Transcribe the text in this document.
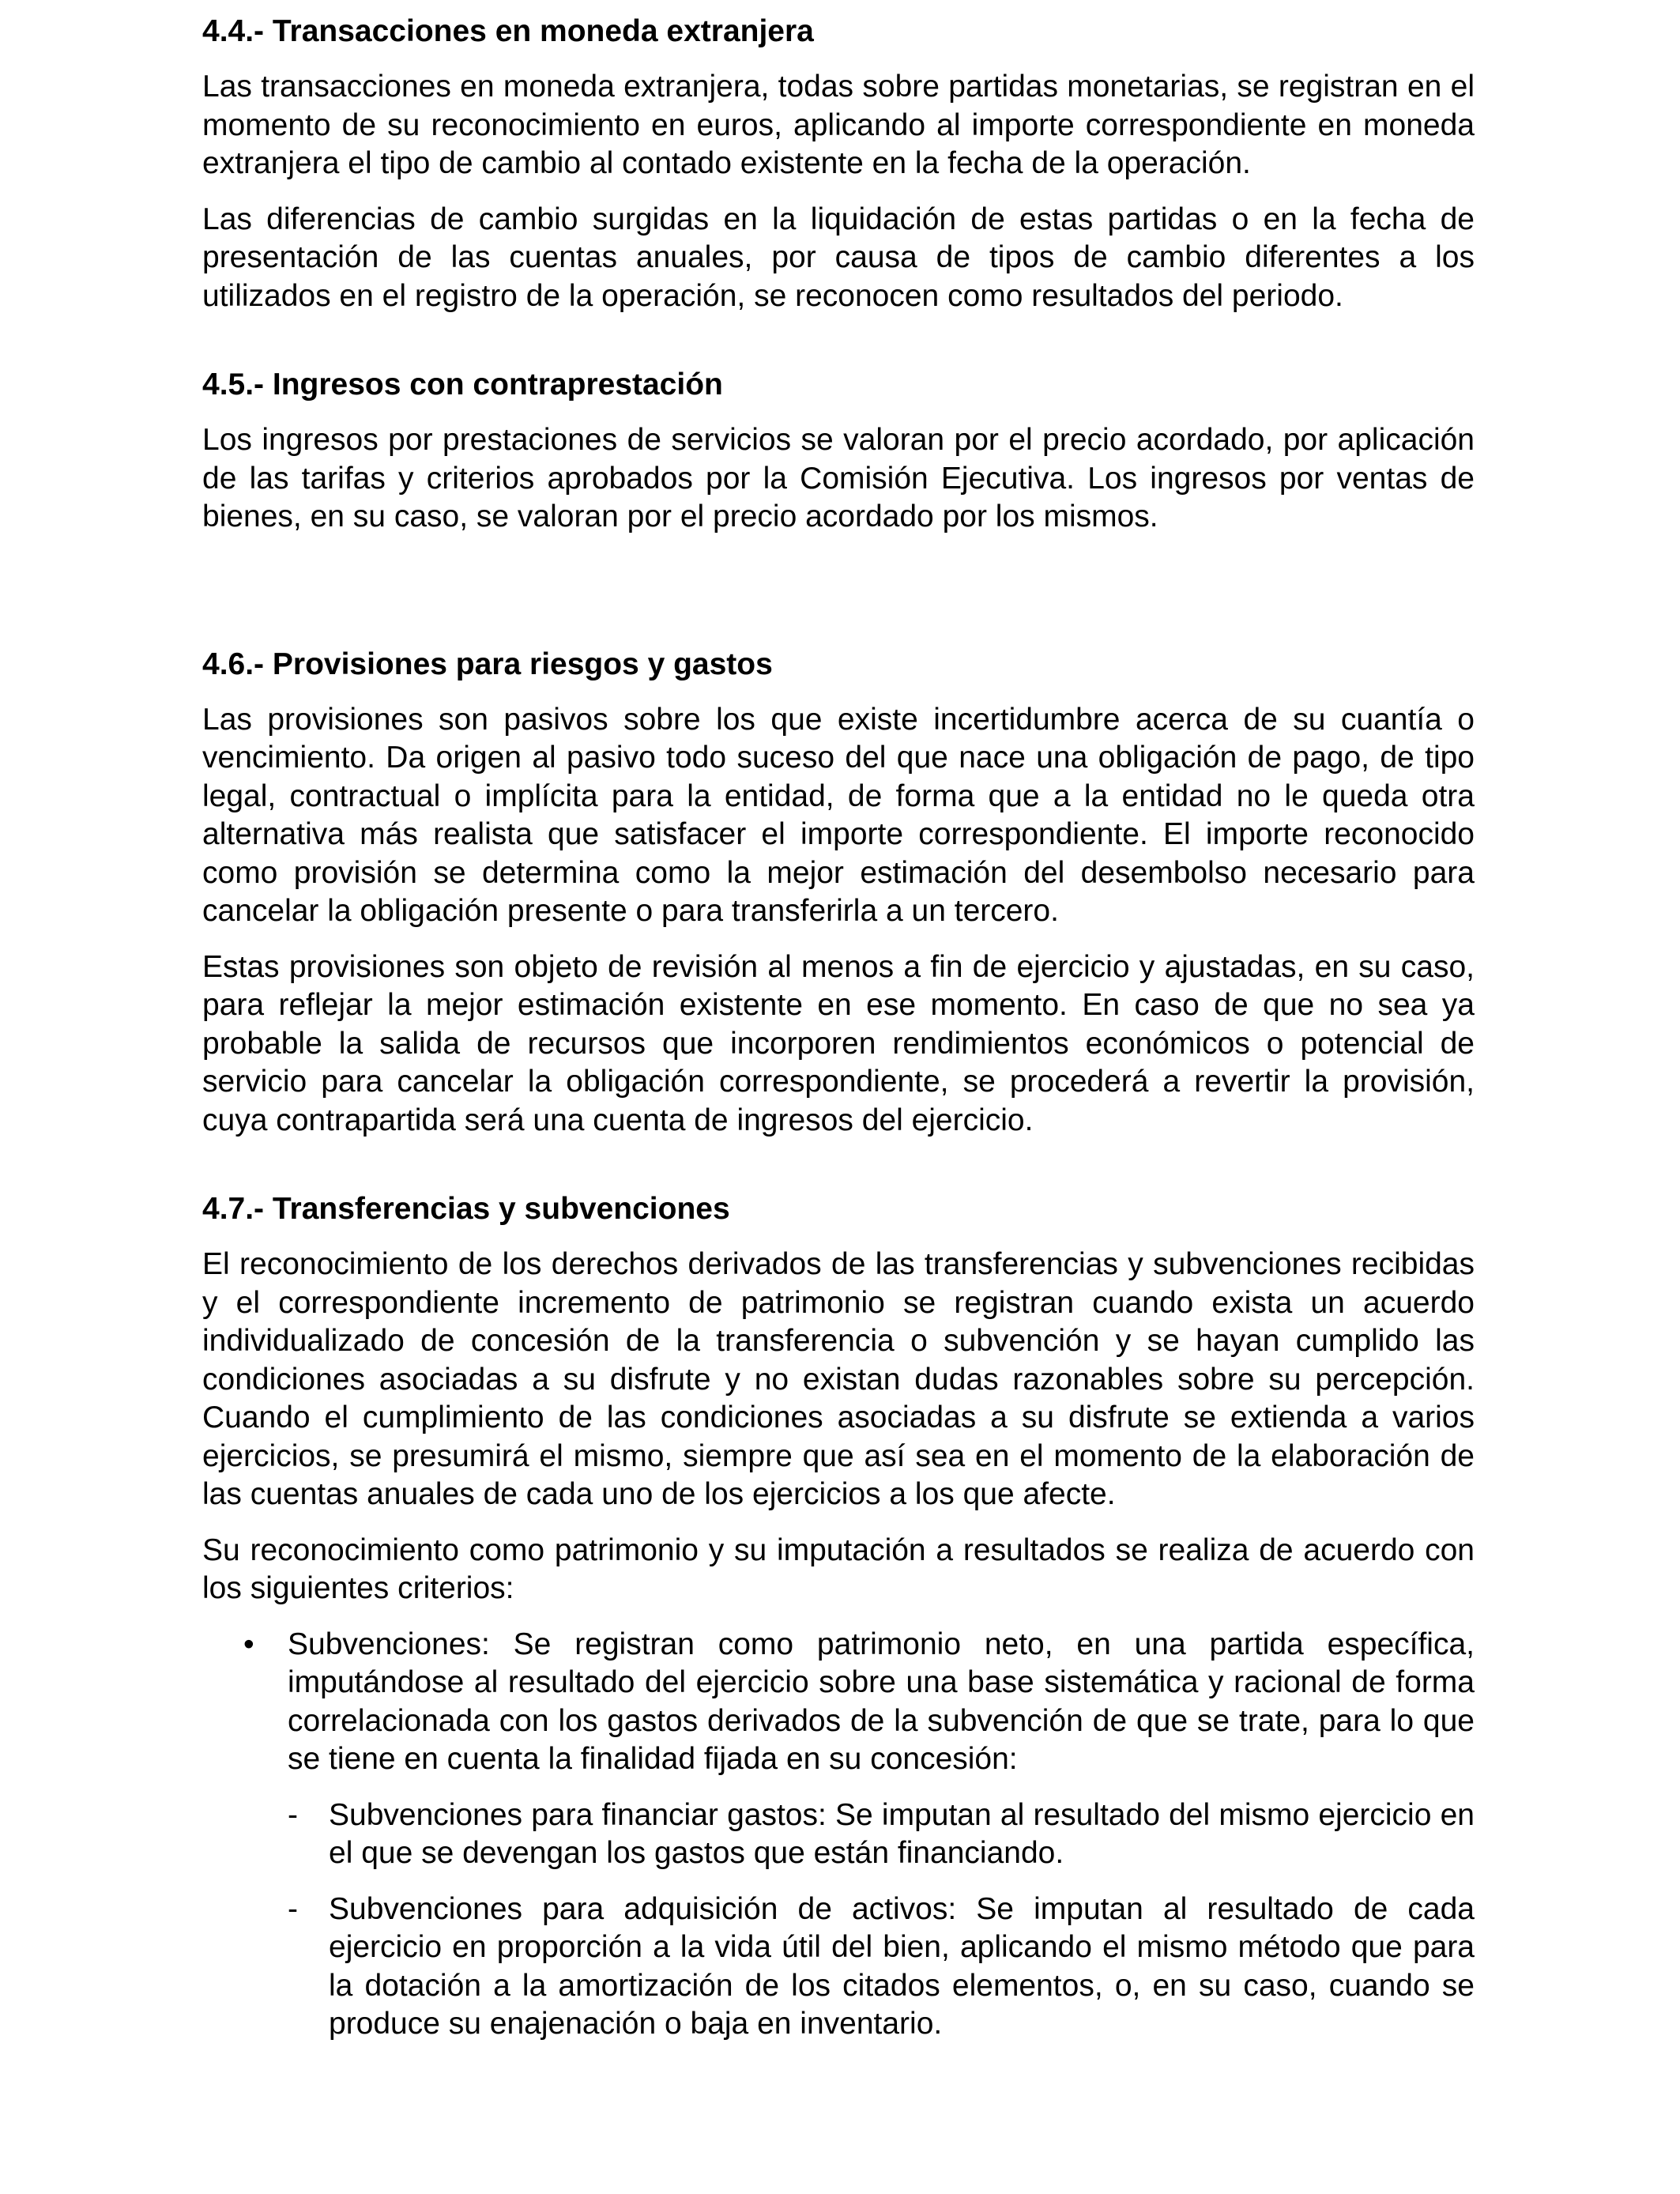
4.4.- Transacciones en moneda extranjera

Las transacciones en moneda extranjera, todas sobre partidas monetarias, se registran en el momento de su reconocimiento en euros, aplicando al importe correspondiente en moneda extranjera el tipo de cambio al contado existente en la fecha de la operación.

Las diferencias de cambio surgidas en la liquidación de estas partidas o en la fecha de presentación de las cuentas anuales, por causa de tipos de cambio diferentes a los utilizados en el registro de la operación, se reconocen como resultados del periodo.

4.5.- Ingresos con contraprestación

Los ingresos por prestaciones de servicios se valoran por el precio acordado, por aplicación de las tarifas y criterios aprobados por la Comisión Ejecutiva. Los ingresos por ventas de bienes, en su caso, se valoran por el precio acordado por los mismos.

4.6.- Provisiones para riesgos y gastos

Las provisiones son pasivos sobre los que existe incertidumbre acerca de su cuantía o vencimiento. Da origen al pasivo todo suceso del que nace una obligación de pago, de tipo legal, contractual o implícita para la entidad, de forma que a la entidad no le queda otra alternativa más realista que satisfacer el importe correspondiente. El importe reconocido como provisión se determina como la mejor estimación del desembolso necesario para cancelar la obligación presente o para transferirla a un tercero.

Estas provisiones son objeto de revisión al menos a fin de ejercicio y ajustadas, en su caso, para reflejar la mejor estimación existente en ese momento. En caso de que no sea ya probable la salida de recursos que incorporen rendimientos económicos o potencial de servicio para cancelar la obligación correspondiente, se procederá a revertir la provisión, cuya contrapartida será una cuenta de ingresos del ejercicio.

4.7.- Transferencias y subvenciones

El reconocimiento de los derechos derivados de las transferencias y subvenciones recibidas y el correspondiente incremento de patrimonio se registran cuando exista un acuerdo individualizado de concesión de la transferencia o subvención y se hayan cumplido las condiciones asociadas a su disfrute y no existan dudas razonables sobre su percepción. Cuando el cumplimiento de las condiciones asociadas a su disfrute se extienda a varios ejercicios, se presumirá el mismo, siempre que así sea en el momento de la elaboración de las cuentas anuales de cada uno de los ejercicios a los que afecte.

Su reconocimiento como patrimonio y su imputación a resultados se realiza de acuerdo con los siguientes criterios:

• Subvenciones: Se registran como patrimonio neto, en una partida específica, imputándose al resultado del ejercicio sobre una base sistemática y racional de forma correlacionada con los gastos derivados de la subvención de que se trate, para lo que se tiene en cuenta la finalidad fijada en su concesión:

- Subvenciones para financiar gastos: Se imputan al resultado del mismo ejercicio en el que se devengan los gastos que están financiando.

- Subvenciones para adquisición de activos: Se imputan al resultado de cada ejercicio en proporción a la vida útil del bien, aplicando el mismo método que para la dotación a la amortización de los citados elementos, o, en su caso, cuando se produce su enajenación o baja en inventario.
